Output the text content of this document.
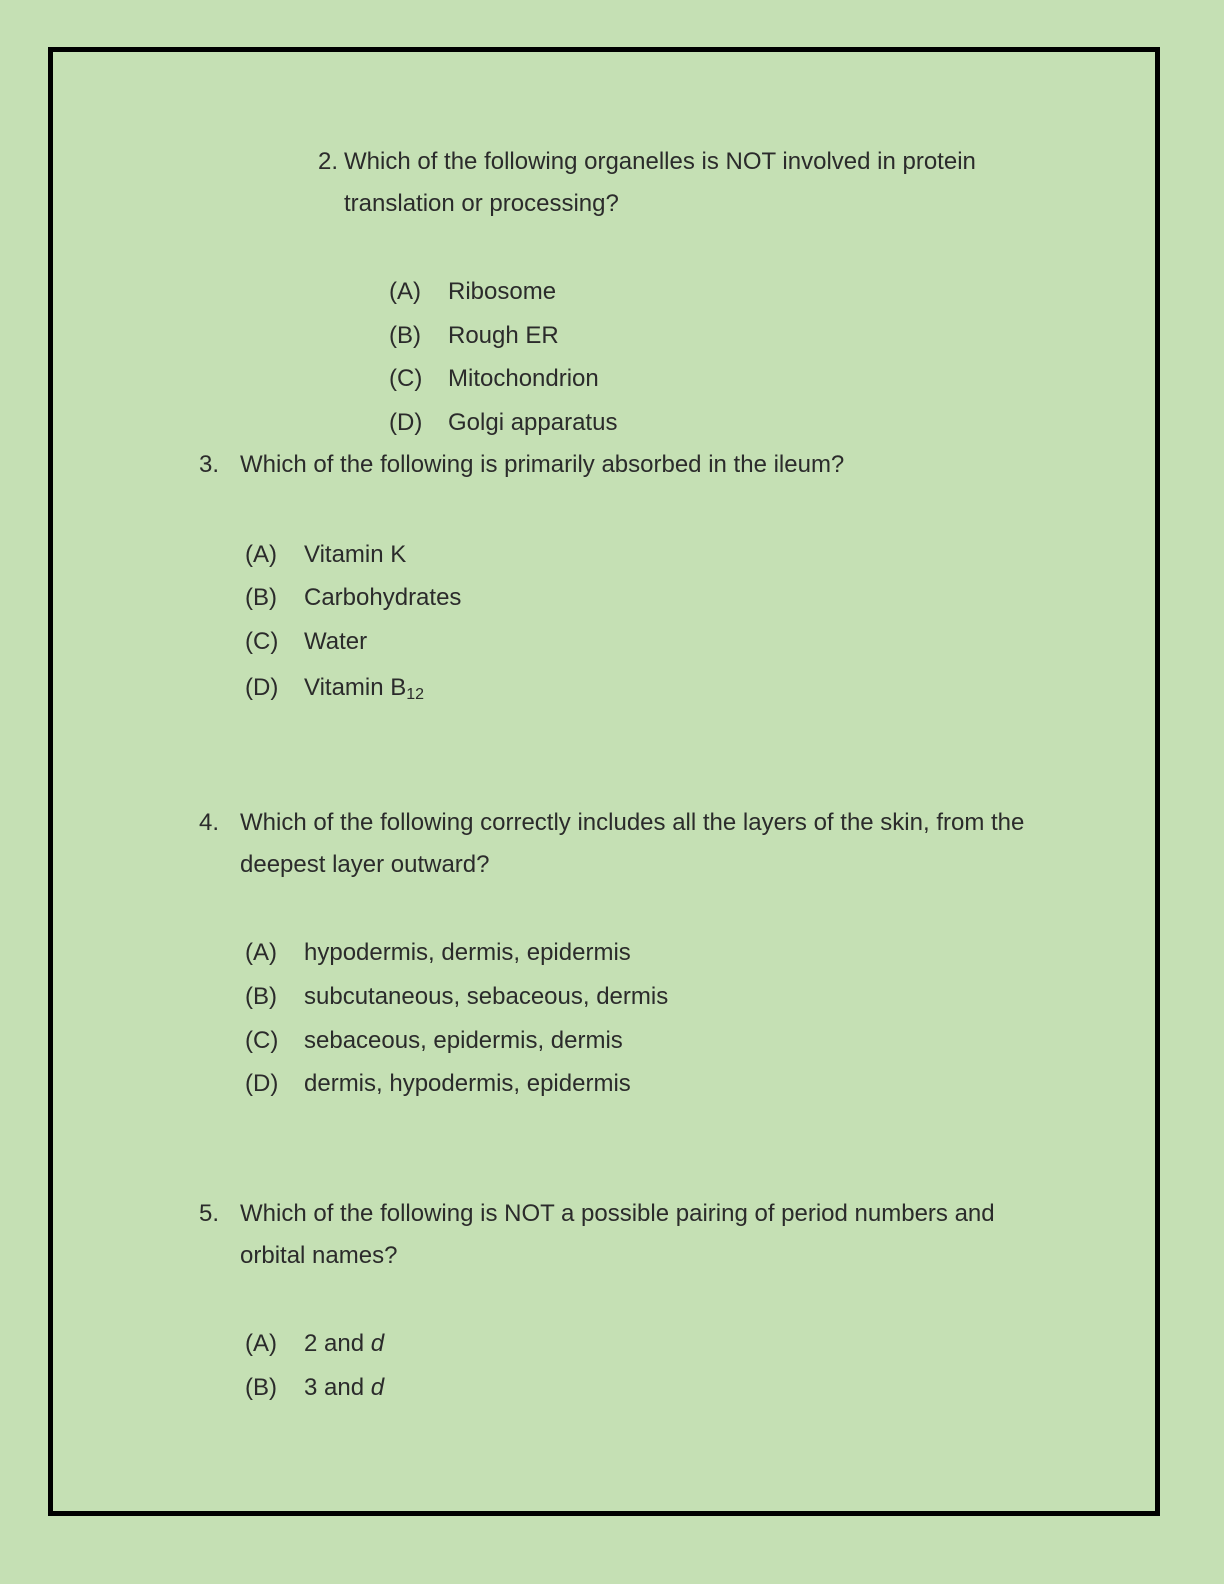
2. Which of the following organelles is NOT involved in protein translation or processing?
(A) Ribosome
(B) Rough ER
(C) Mitochondrion
(D) Golgi apparatus
3. Which of the following is primarily absorbed in the ileum?
(A) Vitamin K
(B) Carbohydrates
(C) Water
(D) Vitamin $B_{12}$
4. Which of the following correctly includes all the layers of the skin, from the deepest layer outward?
(A) hypodermis, dermis, epidermis
(B) subcutaneous, sebaceous, dermis
(C) sebaceous, epidermis, dermis
(D) dermis, hypodermis, epidermis
5. Which of the following is NOT a possible pairing of period numbers and orbital names?
(A) 2 and d
(B) 3 and d
